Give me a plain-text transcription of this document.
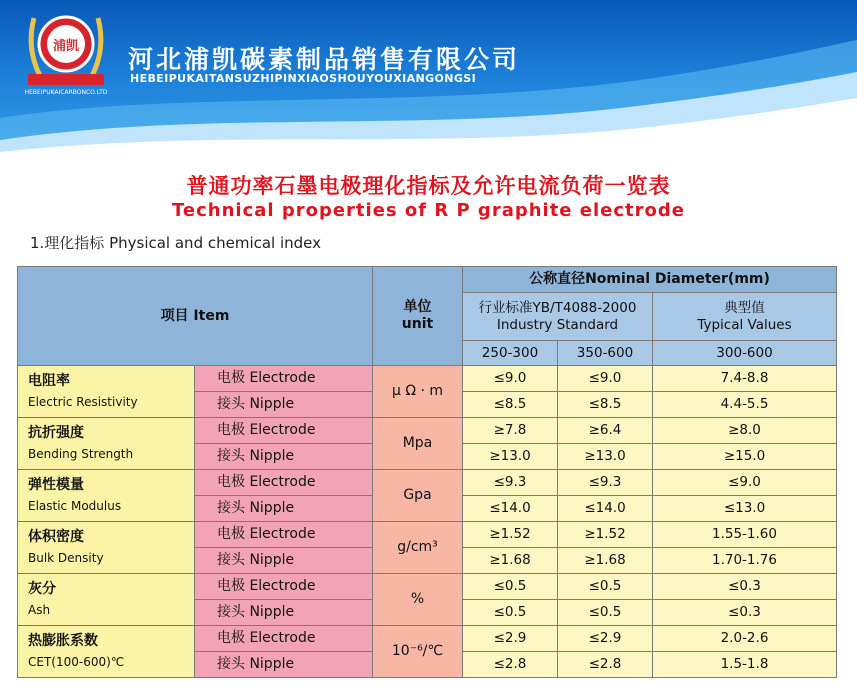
浦凯
HEBEIPUKAICARBONCO.LTD
河北浦凯碳素制品销售有限公司
HEBEIPUKAITANSUZHIPINXIAOSHOUYOUXIANGONGSI
普通功率石墨电极理化指标及允许电流负荷一览表
Technical properties of R P graphite electrode
1.理化指标 Physical and chemical index
项目 Item		单位
unit	公称直径Nominal Diameter(mm)		
			行业标准YB/T4088-2000
Industry Standard		典型值
Typical Values
			250-300	350-600	300-600

电阻率
Electric Resistivity	电极 Electrode	μ Ω · m	≤9.0	≤9.0	7.4-8.8
	接头 Nipple		≤8.5	≤8.5	4.4-5.5

抗折强度
Bending Strength	电极 Electrode	Mpa	≥7.8	≥6.4	≥8.0
	接头 Nipple		≥13.0	≥13.0	≥15.0

弹性模量
Elastic Modulus	电极 Electrode	Gpa	≤9.3	≤9.3	≤9.0
	接头 Nipple		≤14.0	≤14.0	≤13.0

体积密度
Bulk Density	电极 Electrode	g/cm³	≥1.52	≥1.52	1.55-1.60
	接头 Nipple		≥1.68	≥1.68	1.70-1.76

灰分
Ash	电极 Electrode	%	≤0.5	≤0.5	≤0.3
	接头 Nipple		≤0.5	≤0.5	≤0.3

热膨胀系数
CET(100-600)℃	电极 Electrode	10⁻⁶/℃	≤2.9	≤2.9	2.0-2.6
	接头 Nipple		≤2.8	≤2.8	1.5-1.8
